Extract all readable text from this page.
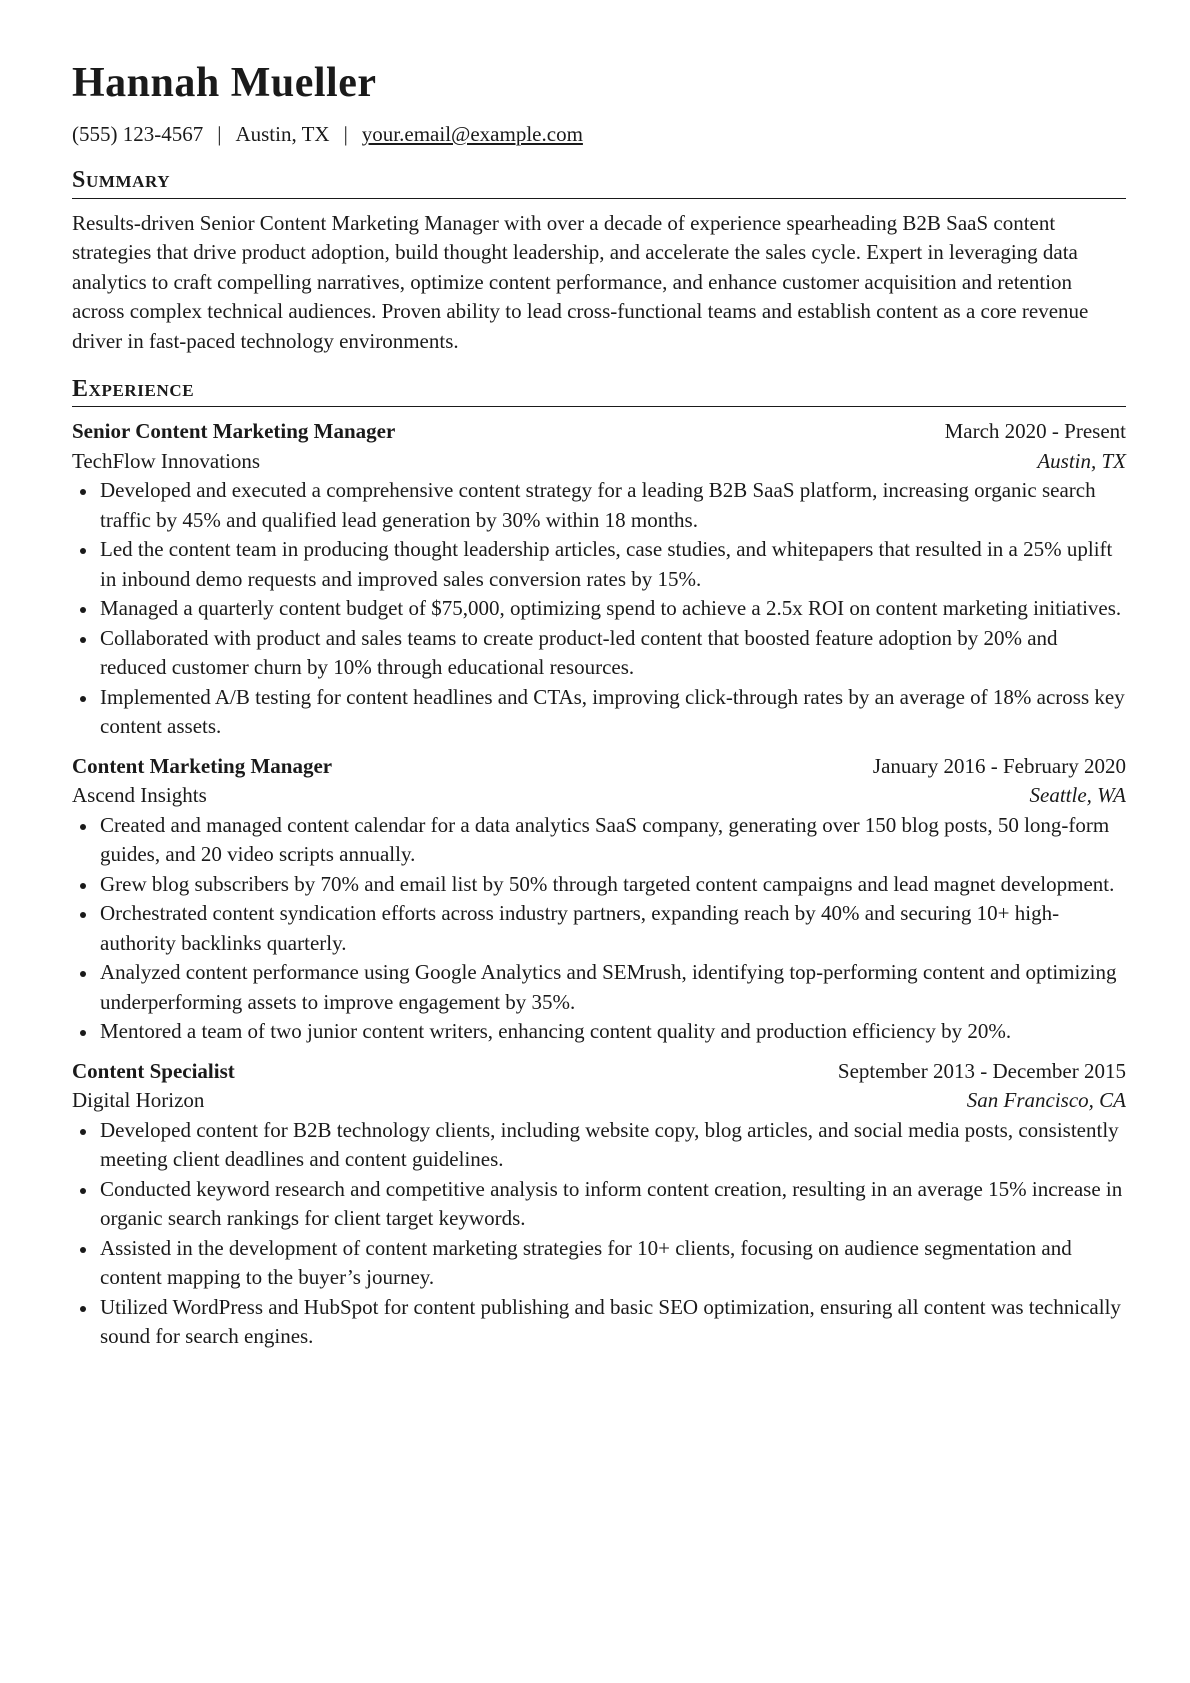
Hannah Mueller
(555) 123-4567 | Austin, TX | your.email@example.com
Summary
Results-driven Senior Content Marketing Manager with over a decade of experience spearheading B2B SaaS content strategies that drive product adoption, build thought leadership, and accelerate the sales cycle. Expert in leveraging data analytics to craft compelling narratives, optimize content performance, and enhance customer acquisition and retention across complex technical audiences. Proven ability to lead cross-functional teams and establish content as a core revenue driver in fast-paced technology environments.
Experience
Senior Content Marketing Manager	March 2020 - Present
TechFlow Innovations	Austin, TX
Developed and executed a comprehensive content strategy for a leading B2B SaaS platform, increasing organic search traffic by 45% and qualified lead generation by 30% within 18 months.
Led the content team in producing thought leadership articles, case studies, and whitepapers that resulted in a 25% uplift in inbound demo requests and improved sales conversion rates by 15%.
Managed a quarterly content budget of $75,000, optimizing spend to achieve a 2.5x ROI on content marketing initiatives.
Collaborated with product and sales teams to create product-led content that boosted feature adoption by 20% and reduced customer churn by 10% through educational resources.
Implemented A/B testing for content headlines and CTAs, improving click-through rates by an average of 18% across key content assets.
Content Marketing Manager	January 2016 - February 2020
Ascend Insights	Seattle, WA
Created and managed content calendar for a data analytics SaaS company, generating over 150 blog posts, 50 long-form guides, and 20 video scripts annually.
Grew blog subscribers by 70% and email list by 50% through targeted content campaigns and lead magnet development.
Orchestrated content syndication efforts across industry partners, expanding reach by 40% and securing 10+ high-authority backlinks quarterly.
Analyzed content performance using Google Analytics and SEMrush, identifying top-performing content and optimizing underperforming assets to improve engagement by 35%.
Mentored a team of two junior content writers, enhancing content quality and production efficiency by 20%.
Content Specialist	September 2013 - December 2015
Digital Horizon	San Francisco, CA
Developed content for B2B technology clients, including website copy, blog articles, and social media posts, consistently meeting client deadlines and content guidelines.
Conducted keyword research and competitive analysis to inform content creation, resulting in an average 15% increase in organic search rankings for client target keywords.
Assisted in the development of content marketing strategies for 10+ clients, focusing on audience segmentation and content mapping to the buyer’s journey.
Utilized WordPress and HubSpot for content publishing and basic SEO optimization, ensuring all content was technically sound for search engines.
